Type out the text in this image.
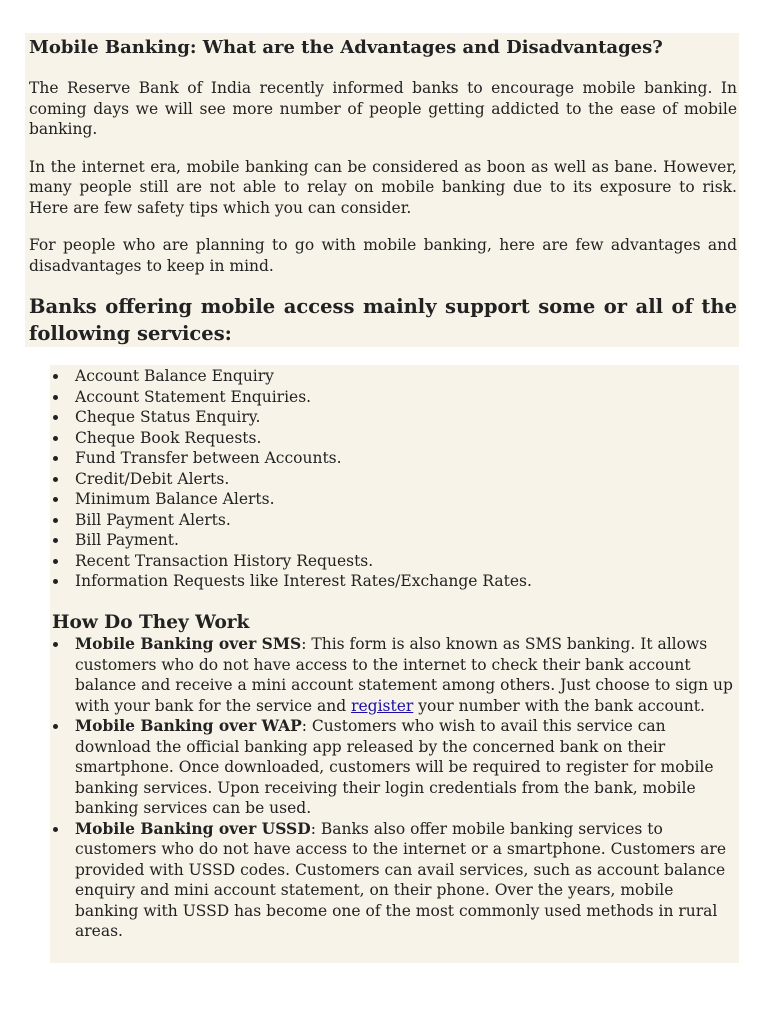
Mobile Banking: What are the Advantages and Disadvantages?

The Reserve Bank of India recently informed banks to encourage mobile banking. In coming days we will see more number of people getting addicted to the ease of mobile banking.

In the internet era, mobile banking can be considered as boon as well as bane. However, many people still are not able to relay on mobile banking due to its exposure to risk. Here are few safety tips which you can consider.

For people who are planning to go with mobile banking, here are few advantages and disadvantages to keep in mind.

Banks offering mobile access mainly support some or all of the following services:
Account Balance Enquiry
Account Statement Enquiries.
Cheque Status Enquiry.
Cheque Book Requests.
Fund Transfer between Accounts.
Credit/Debit Alerts.
Minimum Balance Alerts.
Bill Payment Alerts.
Bill Payment.
Recent Transaction History Requests.
Information Requests like Interest Rates/Exchange Rates.
How Do They Work
Mobile Banking over SMS: This form is also known as SMS banking. It allows customers who do not have access to the internet to check their bank account balance and receive a mini account statement among others. Just choose to sign up with your bank for the service and register your number with the bank account.
Mobile Banking over WAP: Customers who wish to avail this service can download the official banking app released by the concerned bank on their smartphone. Once downloaded, customers will be required to register for mobile banking services. Upon receiving their login credentials from the bank, mobile banking services can be used.
Mobile Banking over USSD: Banks also offer mobile banking services to customers who do not have access to the internet or a smartphone. Customers are provided with USSD codes. Customers can avail services, such as account balance enquiry and mini account statement, on their phone. Over the years, mobile banking with USSD has become one of the most commonly used methods in rural areas.
